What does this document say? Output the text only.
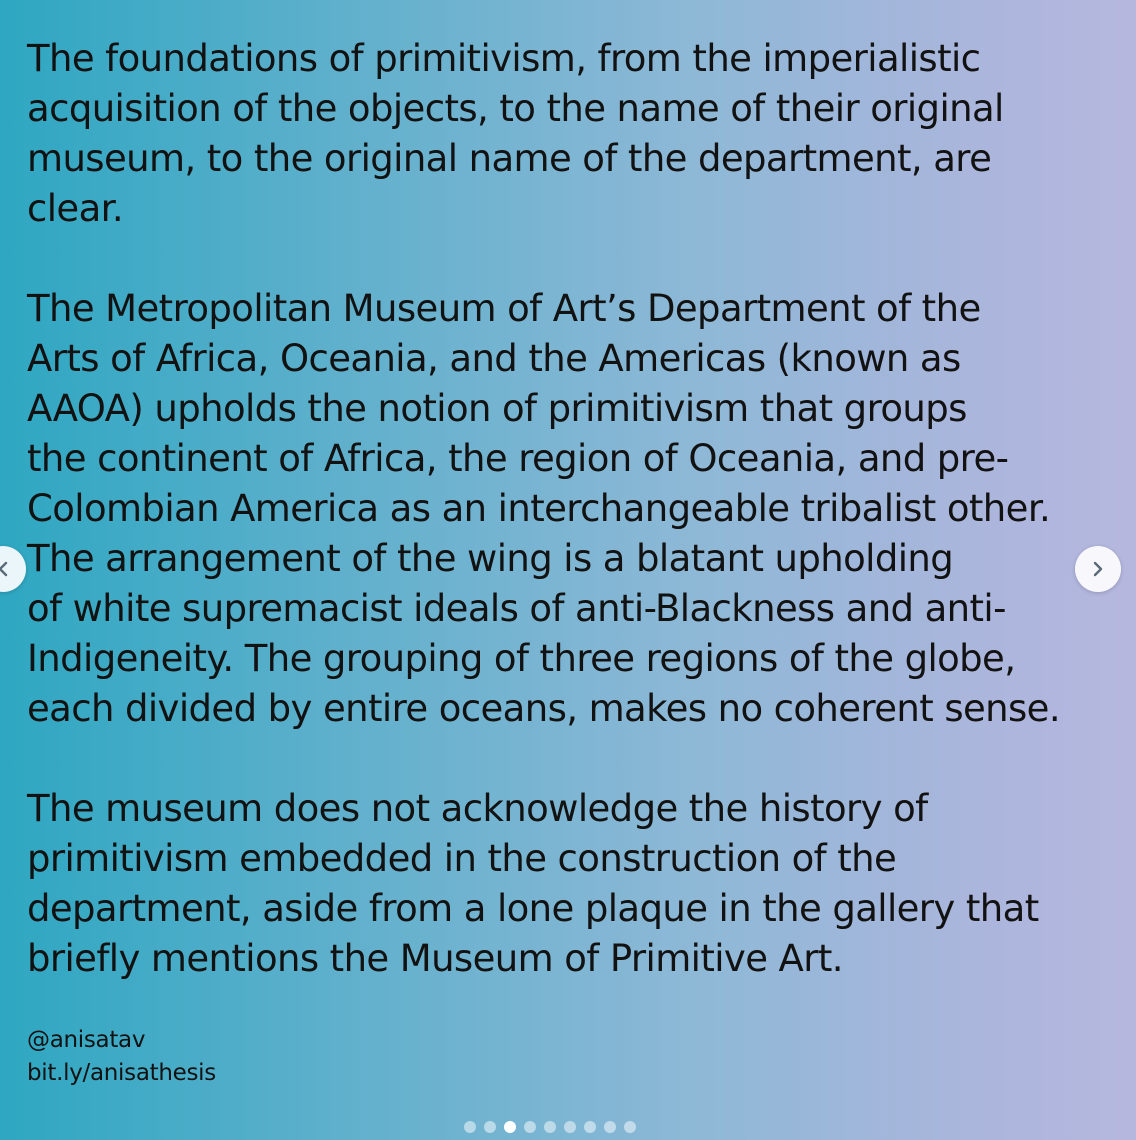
The foundations of primitivism, from the imperialistic
acquisition of the objects, to the name of their original
museum, to the original name of the department, are
clear.

The Metropolitan Museum of Art’s Department of the
Arts of Africa, Oceania, and the Americas (known as
AAOA) upholds the notion of primitivism that groups
the continent of Africa, the region of Oceania, and pre-
Colombian America as an interchangeable tribalist other.
The arrangement of the wing is a blatant upholding
of white supremacist ideals of anti-Blackness and anti-
Indigeneity. The grouping of three regions of the globe,
each divided by entire oceans, makes no coherent sense.

The museum does not acknowledge the history of
primitivism embedded in the construction of the
department, aside from a lone plaque in the gallery that
briefly mentions the Museum of Primitive Art.

@anisatav
bit.ly/anisathesis
